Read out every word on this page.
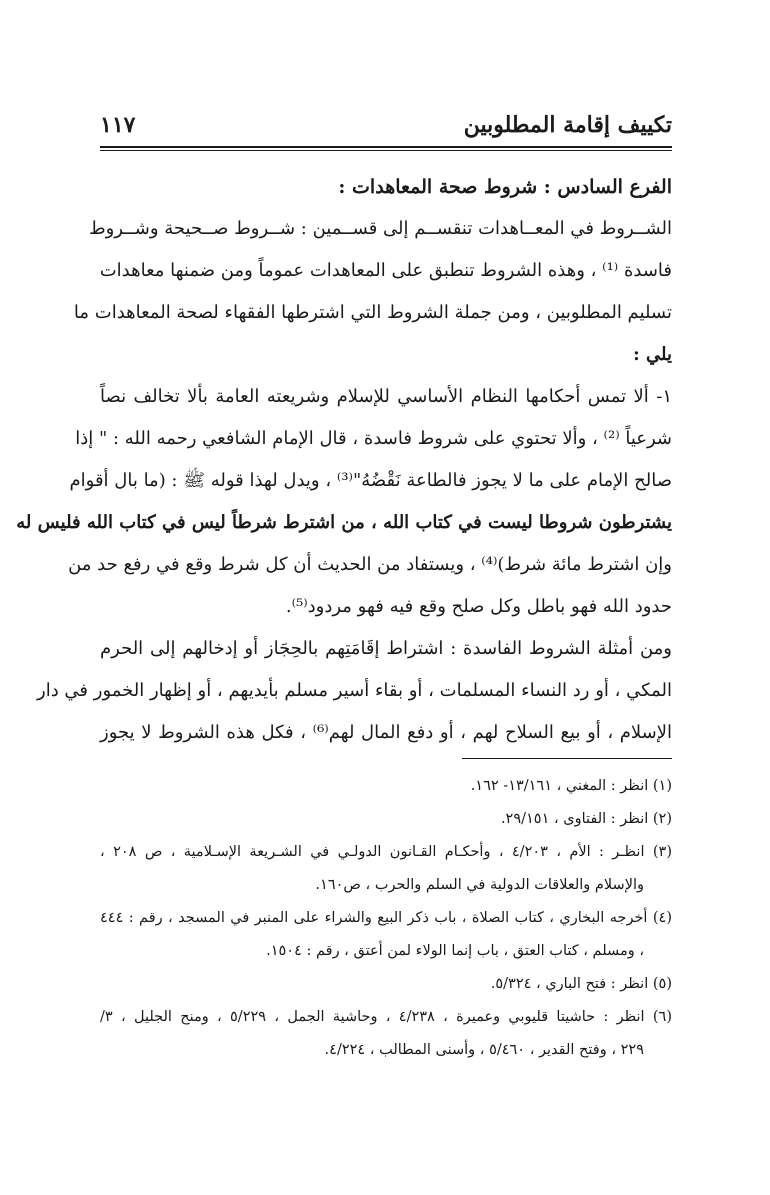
تكييف إقامة المطلوبين
١١٧
الفرع السادس : شروط صحة المعاهدات :
الشــروط في المعــاهدات تنقســم إلى قســمين : شــروط صــحيحة وشــروط
فاسدة ⁽¹⁾ ، وهذه الشروط تنطبق على المعاهدات عموماً ومن ضمنها معاهدات
تسليم المطلوبين ، ومن جملة الشروط التي اشترطها الفقهاء لصحة المعاهدات ما
يلي :
١- ألا تمس أحكامها النظام الأساسي للإسلام وشريعته العامة بألا تخالف نصاً
شرعياً ⁽²⁾ ، وألا تحتوي على شروط فاسدة ، قال الإمام الشافعي رحمه الله : " إذا
صالح الإمام على ما لا يجوز فالطاعة نَقْضُهُ"⁽³⁾ ، ويدل لهذا قوله ﷺ : (ما بال أقوام
يشترطون شروطا ليست في كتاب الله ، من اشترط شرطاً ليس في كتاب الله فليس له
وإن اشترط مائة شرط)⁽⁴⁾ ، ويستفاد من الحديث أن كل شرط وقع في رفع حد من
حدود الله فهو باطل وكل صلح وقع فيه فهو مردود⁽⁵⁾.
ومن أمثلة الشروط الفاسدة : اشتراط إقَامَتِهم بالحِجَاز أو إدخالهم إلى الحرم
المكي ، أو رد النساء المسلمات ، أو بقاء أسير مسلم بأيديهم ، أو إظهار الخمور في دار
الإسلام ، أو بيع السلاح لهم ، أو دفع المال لهم⁽⁶⁾ ، فكل هذه الشروط لا يجوز
(١) انظر : المغني ، ١٣/١٦١- ١٦٢.
(٢) انظر : الفتاوى ، ٢٩/١٥١.
(٣) انظـر : الأم ، ٤/٢٠٣ ، وأحكـام القـانون الدولـي في الشـريعة الإسـلامية ، ص ٢٠٨ ،
والإسلام والعلاقات الدولية في السلم والحرب ، ص١٦٠.
(٤) أخرجه البخاري ، كتاب الصلاة ، باب ذكر البيع والشراء على المنبر في المسجد ، رقم : ٤٤٤
، ومسلم ، كتاب العتق ، باب إنما الولاء لمن أعتق ، رقم : ١٥٠٤.
(٥) انظر : فتح الباري ، ٥/٣٢٤.
(٦) انظر : حاشيتا قليوبي وعميرة ، ٤/٢٣٨ ، وحاشية الجمل ، ٥/٢٢٩ ، ومنح الجليل ، ٣/
٢٢٩ ، وفتح القدير ، ٥/٤٦٠ ، وأسنى المطالب ، ٤/٢٢٤.
